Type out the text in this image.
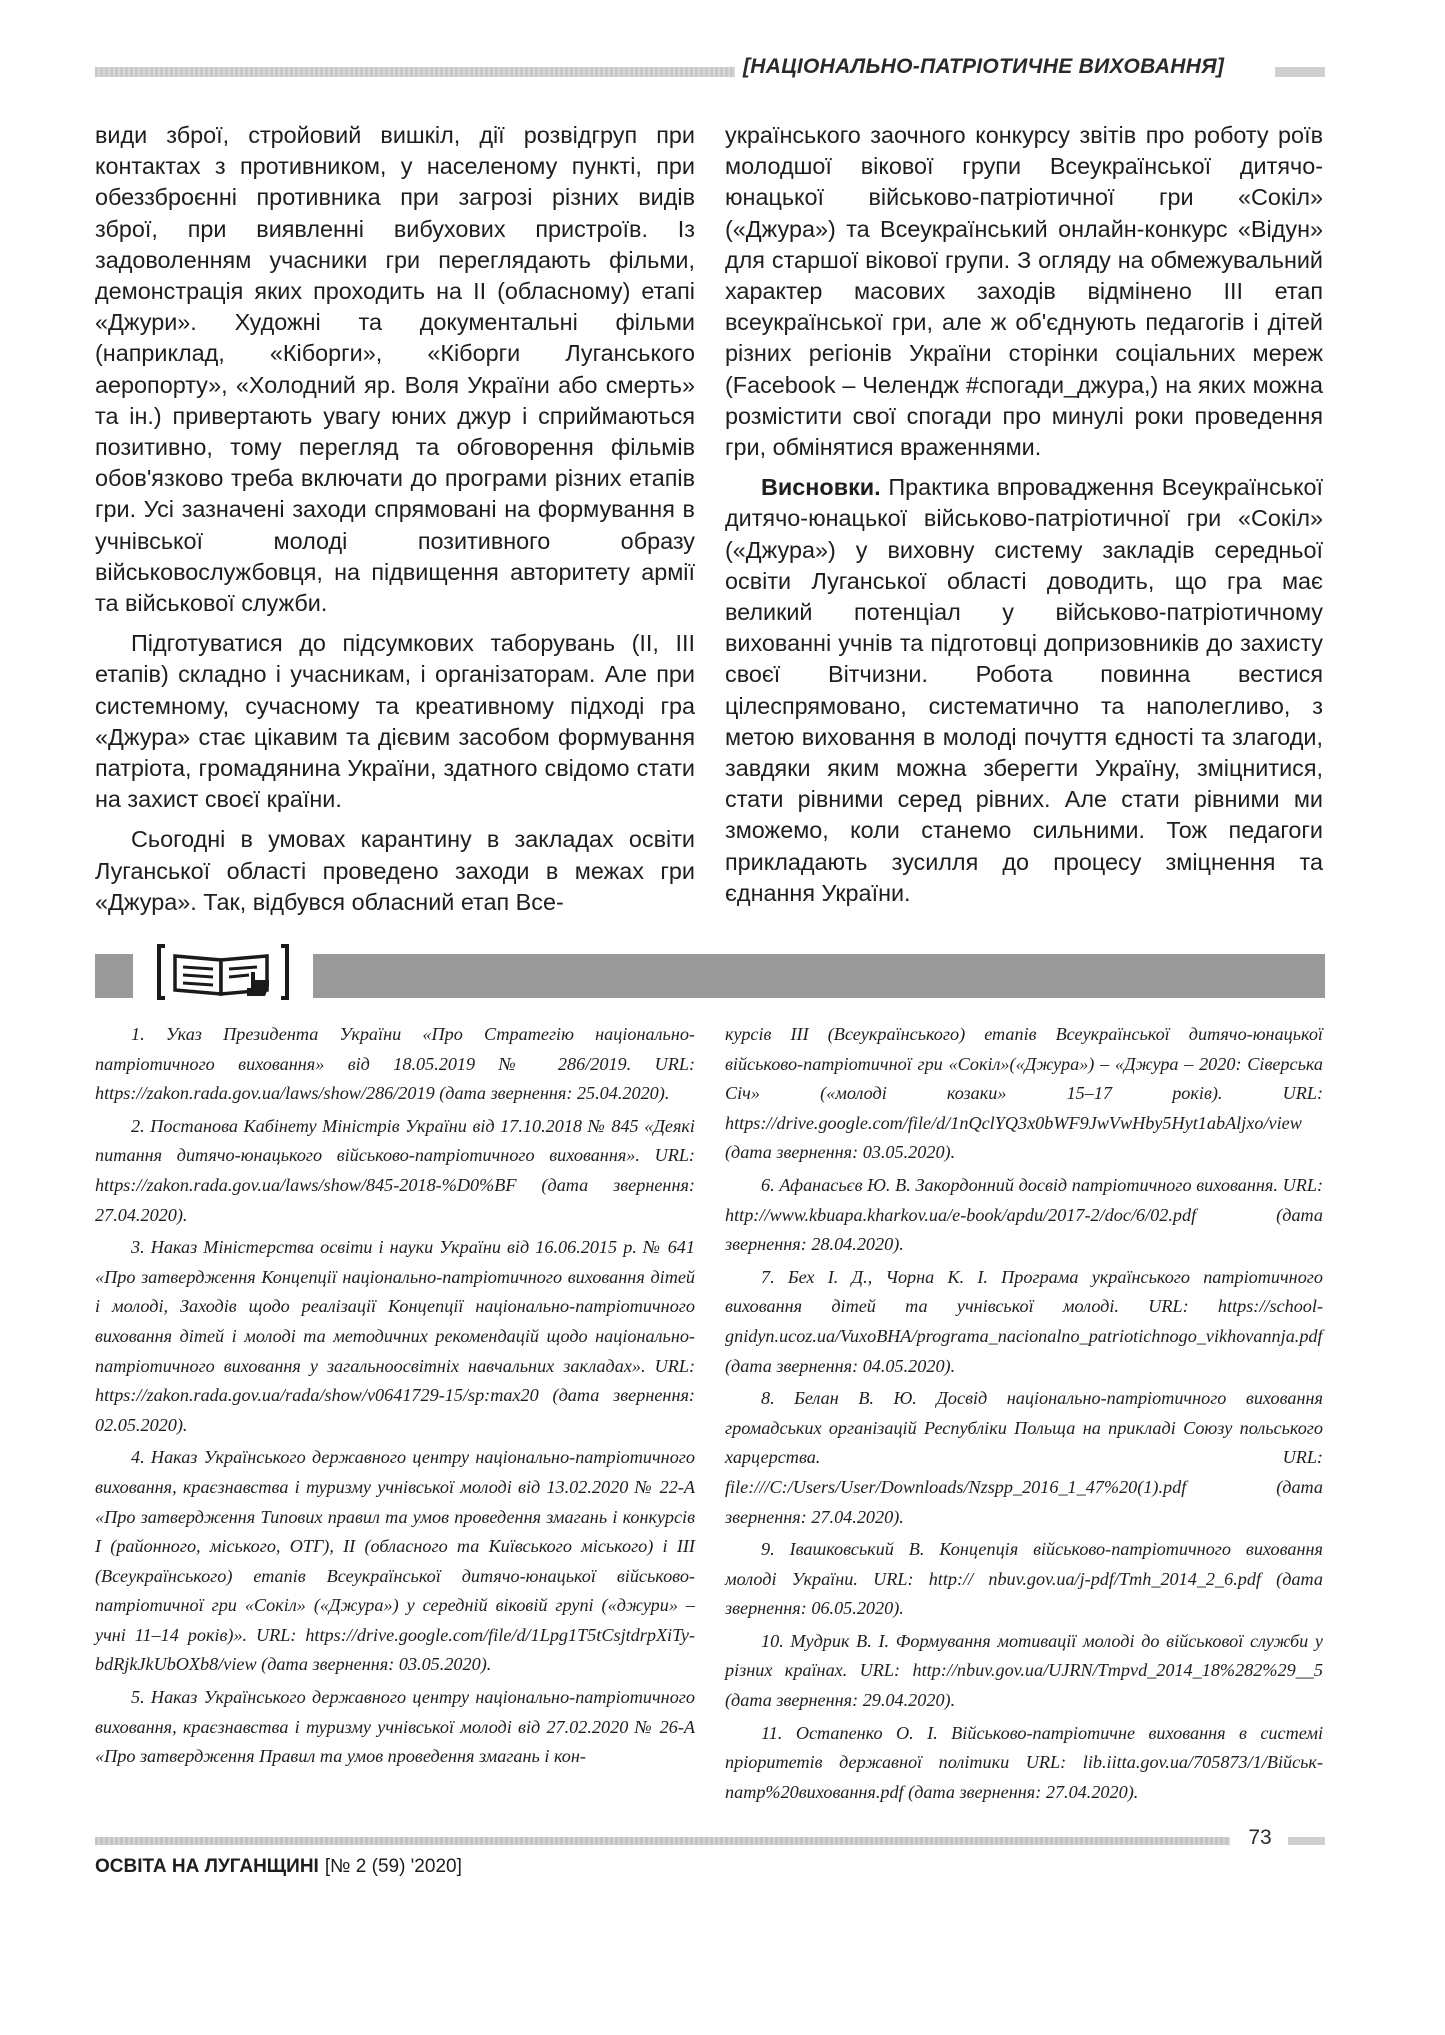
[НАЦІОНАЛЬНО-ПАТРІОТИЧНЕ ВИХОВАННЯ]

види зброї, стройовий вишкіл, дії розвідгруп при контактах з противником, у населеному пункті, при обеззброєнні противника при загрозі різних видів зброї, при виявленні вибухових пристроїв. Із задоволенням учасники гри переглядають фільми, демонстрація яких проходить на ІІ (обласному) етапі «Джури». Художні та документальні фільми (наприклад, «Кіборги», «Кіборги Луганського аеропорту», «Холодний яр. Воля України або смерть» та ін.) привертають увагу юних джур і сприймаються позитивно, тому перегляд та обговорення фільмів обов'язково треба включати до програми різних етапів гри. Усі зазначені заходи спрямовані на формування в учнівської молоді позитивного образу військовослужбовця, на підвищення авторитету армії та військової служби.

Підготуватися до підсумкових таборувань (ІІ, ІІІ етапів) складно і учасникам, і організаторам. Але при системному, сучасному та креативному підході гра «Джура» стає цікавим та дієвим засобом формування патріота, громадянина України, здатного свідомо стати на захист своєї країни.

Сьогодні в умовах карантину в закладах освіти Луганської області проведено заходи в межах гри «Джура». Так, відбувся обласний етап Все-

українського заочного конкурсу звітів про роботу роїв молодшої вікової групи Всеукраїнської дитячо-юнацької військово-патріотичної гри «Сокіл» («Джура») та Всеукраїнський онлайн-конкурс «Відун» для старшої вікової групи. З огляду на обмежувальний характер масових заходів відмінено ІІІ етап всеукраїнської гри, але ж об'єднують педагогів і дітей різних регіонів України сторінки соціальних мереж (Facebook – Челендж #спогади_джура,) на яких можна розмістити свої спогади про минулі роки проведення гри, обмінятися враженнями.

Висновки. Практика впровадження Всеукраїнської дитячо-юнацької військово-патріотичної гри «Сокіл» («Джура») у виховну систему закладів середньої освіти Луганської області доводить, що гра має великий потенціал у військово-патріотичному вихованні учнів та підготовці допризовників до захисту своєї Вітчизни. Робота повинна вестися цілеспрямовано, систематично та наполегливо, з метою виховання в молоді почуття єдності та злагоди, завдяки яким можна зберегти Україну, зміцнитися, стати рівними серед рівних. Але стати рівними ми зможемо, коли станемо сильними. Тож педагоги прикладають зусилля до процесу зміцнення та єднання України.

1. Указ Президента України «Про Стратегію національно-патріотичного виховання» від 18.05.2019 № 286/2019. URL: https://zakon.rada.gov.ua/laws/show/286/2019 (дата звернення: 25.04.2020).

2. Постанова Кабінету Міністрів України від 17.10.2018 № 845 «Деякі питання дитячо-юнацького військово-патріотичного виховання». URL: https://zakon.rada.gov.ua/laws/show/845-2018-%D0%BF (дата звернення: 27.04.2020).

3. Наказ Міністерства освіти і науки України від 16.06.2015 р. № 641 «Про затвердження Концепції національно-патріотичного виховання дітей і молоді, Заходів щодо реалізації Концепції національно-патріотичного виховання дітей і молоді та методичних рекомендацій щодо національно-патріотичного виховання у загальноосвітніх навчальних закладах». URL: https://zakon.rada.gov.ua/rada/show/v0641729-15/sp:max20 (дата звернення: 02.05.2020).

4. Наказ Українського державного центру національно-патріотичного виховання, краєзнавства і туризму учнівської молоді від 13.02.2020 № 22-А «Про затвердження Типових правил та умов проведення змагань і конкурсів І (районного, міського, ОТГ), ІІ (обласного та Київського міського) і ІІІ (Всеукраїнського) етапів Всеукраїнської дитячо-юнацької військово-патріотичної гри «Сокіл» («Джура») у середній віковій групі («джури» – учні 11–14 років)». URL: https://drive.google.com/file/d/1Lpg1T5tCsjtdrpXiTy-bdRjkJkUbOXb8/view (дата звернення: 03.05.2020).

5. Наказ Українського державного центру національно-патріотичного виховання, краєзнавства і туризму учнівської молоді від 27.02.2020 № 26-А «Про затвердження Правил та умов проведення змагань і кон-

курсів ІІІ (Всеукраїнського) етапів Всеукраїнської дитячо-юнацької військово-патріотичної гри «Сокіл»(«Джура») – «Джура – 2020: Сіверська Січ» («молоді козаки» 15–17 років). URL: https://drive.google.com/file/d/1nQclYQ3x0bWF9JwVwHby5Hyt1abAljxo/view (дата звернення: 03.05.2020).

6. Афанасьєв Ю. В. Закордонний досвід патріотичного виховання. URL: http://www.kbuapa.kharkov.ua/e-book/apdu/2017-2/doc/6/02.pdf (дата звернення: 28.04.2020).

7. Бех І. Д., Чорна К. І. Програма українського патріотичного виховання дітей та учнівської молоді. URL: https://school-gnidyn.ucoz.ua/VuxoBHA/programa_nacionalno_patriotichnogo_vikhovannja.pdf (дата звернення: 04.05.2020).

8. Белан В. Ю. Досвід національно-патріотичного виховання громадських організацій Республіки Польща на прикладі Союзу польського харцерства. URL: file:///C:/Users/User/Downloads/Nzspp_2016_1_47%20(1).pdf (дата звернення: 27.04.2020).

9. Івашковський В. Концепція військово-патріотичного виховання молоді України. URL: http:// nbuv.gov.ua/j-pdf/Tmh_2014_2_6.pdf (дата звернення: 06.05.2020).

10. Мудрик В. І. Формування мотивації молоді до військової служби у різних країнах. URL: http://nbuv.gov.ua/UJRN/Tmpvd_2014_18%282%29__5 (дата звернення: 29.04.2020).

11. Остапенко О. І. Військово-патріотичне виховання в системі пріоритетів державної політики URL: lib.iitta.gov.ua/705873/1/Військ-патр%20виховання.pdf (дата звернення: 27.04.2020).

73
ОСВІТА НА ЛУГАНЩИНІ [№ 2 (59) '2020]
